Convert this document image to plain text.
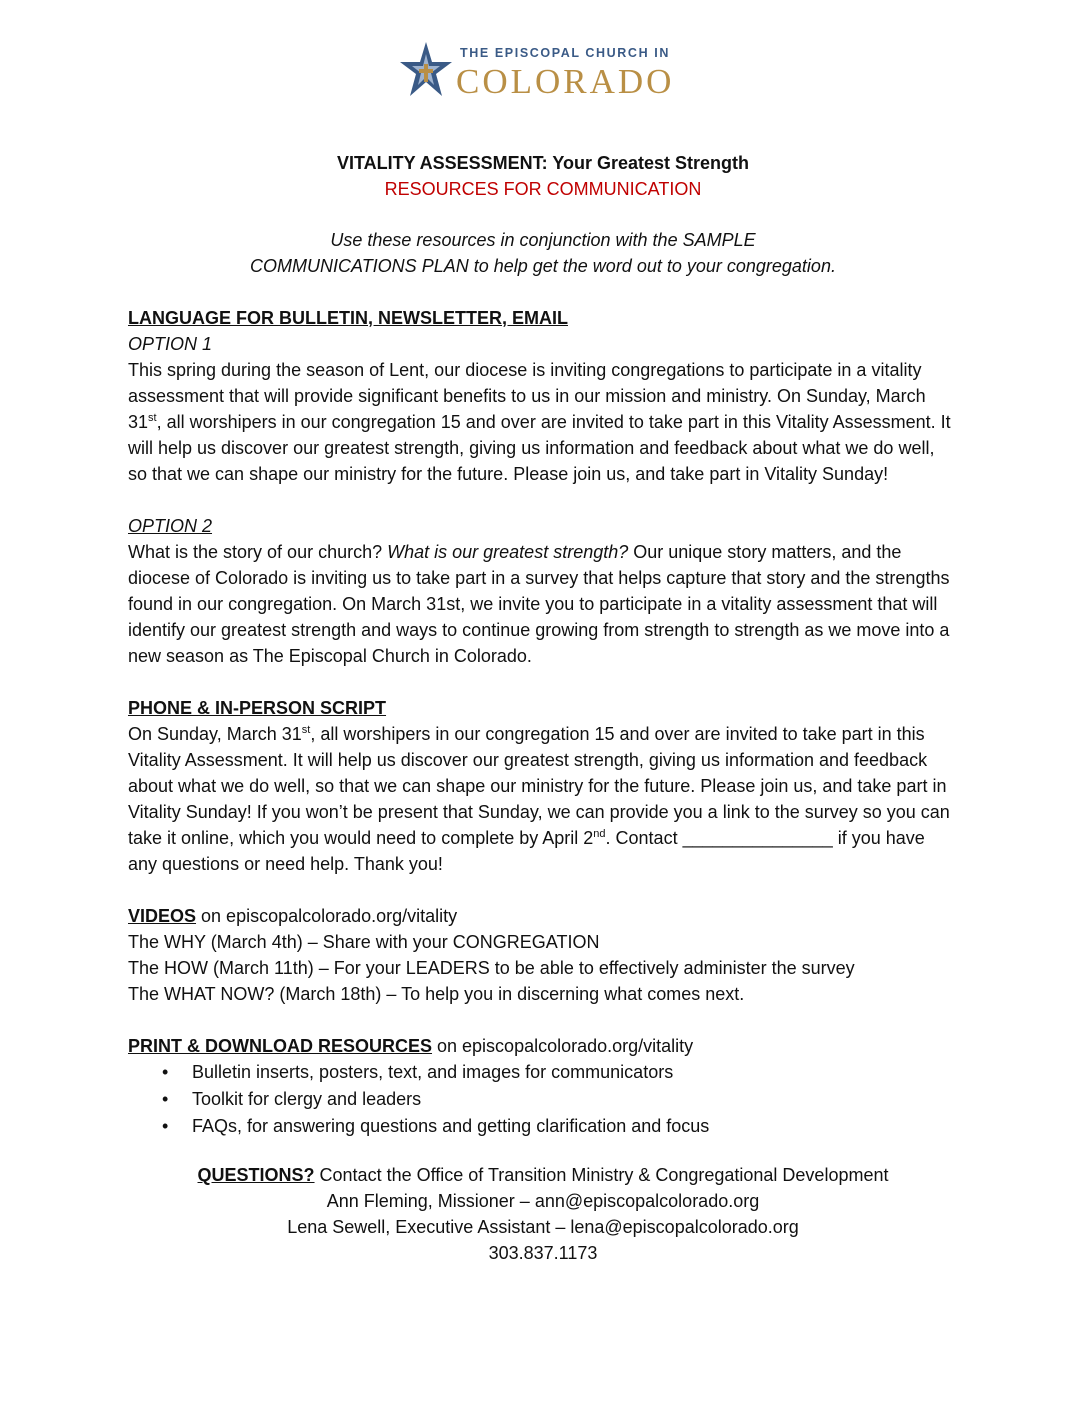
THE EPISCOPAL CHURCH IN
COLORADO
VITALITY ASSESSMENT: Your Greatest Strength
RESOURCES FOR COMMUNICATION
Use these resources in conjunction with the SAMPLE
COMMUNICATIONS PLAN to help get the word out to your congregation.
LANGUAGE FOR BULLETIN, NEWSLETTER, EMAIL
OPTION 1

This spring during the season of Lent, our diocese is inviting congregations to participate in a vitality assessment that will provide significant benefits to us in our mission and ministry. On Sunday, March 31st, all worshipers in our congregation 15 and over are invited to take part in this Vitality Assessment. It will help us discover our greatest strength, giving us information and feedback about what we do well, so that we can shape our ministry for the future. Please join us, and take part in Vitality Sunday!

OPTION 2

What is the story of our church? What is our greatest strength? Our unique story matters, and the diocese of Colorado is inviting us to take part in a survey that helps capture that story and the strengths found in our congregation. On March 31st, we invite you to participate in a vitality assessment that will identify our greatest strength and ways to continue growing from strength to strength as we move into a new season as The Episcopal Church in Colorado.

PHONE & IN-PERSON SCRIPT

On Sunday, March 31st, all worshipers in our congregation 15 and over are invited to take part in this Vitality Assessment. It will help us discover our greatest strength, giving us information and feedback about what we do well, so that we can shape our ministry for the future. Please join us, and take part in Vitality Sunday! If you won’t be present that Sunday, we can provide you a link to the survey so you can take it online, which you would need to complete by April 2nd. Contact _______________ if you have any questions or need help. Thank you!

VIDEOS on episcopalcolorado.org/vitality
The WHY (March 4th) – Share with your CONGREGATION
The HOW (March 11th) – For your LEADERS to be able to effectively administer the survey
The WHAT NOW? (March 18th) – To help you in discerning what comes next.
PRINT & DOWNLOAD RESOURCES on episcopalcolorado.org/vitality
• Bulletin inserts, posters, text, and images for communicators
• Toolkit for clergy and leaders
• FAQs, for answering questions and getting clarification and focus
QUESTIONS? Contact the Office of Transition Ministry & Congregational Development
Ann Fleming, Missioner – ann@episcopalcolorado.org
Lena Sewell, Executive Assistant – lena@episcopalcolorado.org
303.837.1173
